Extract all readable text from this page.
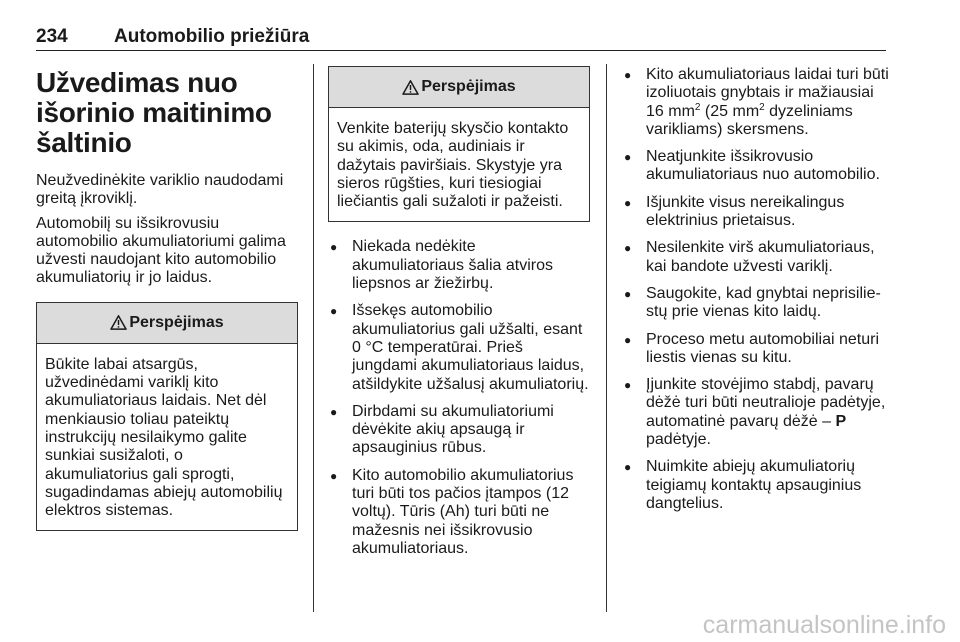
234 Automobilio priežiūra
Užvedimas nuo išorinio maitinimo šaltinio

Neužvedinėkite variklio naudodami greitą įkroviklį.

Automobilį su išsikrovusiu automobilio akumuliatoriumi galima užvesti naudojant kito automobilio akumuliatorių ir jo laidus.

Perspėjimas
Būkite labai atsargūs, užvedinėdami variklį kito akumuliatoriaus laidais. Net dėl menkiausio toliau pateiktų instrukcijų nesilaikymo galite sunkiai susižaloti, o akumuliatorius gali sprogti, sugadindamas abiejų automobilių elektros sistemas.
Perspėjimas
Venkite baterijų skysčio kontakto su akimis, oda, audiniais ir dažytais paviršiais. Skystyje yra sieros rūgšties, kuri tiesiogiai liečiantis gali sužaloti ir pažeisti.
● Niekada nedėkite akumuliatoriaus šalia atviros liepsnos ar žiežirbų.
● Išsekęs automobilio akumuliatorius gali užšalti, esant 0 °C temperatūrai. Prieš jungdami akumuliatoriaus laidus, atšildykite užšalusį akumuliatorių.
● Dirbdami su akumuliatoriumi dėvėkite akių apsaugą ir apsauginius rūbus.
● Kito automobilio akumuliatorius turi būti tos pačios įtampos (12 voltų). Tūris (Ah) turi būti ne mažesnis nei išsikrovusio akumuliatoriaus.
● Kito akumuliatoriaus laidai turi būti izoliuotais gnybtais ir mažiausiai 16 $mm^2$ (25 $mm^2$ dyzeliniams varikliams) skersmens.
● Neatjunkite išsikrovusio akumuliatoriaus nuo automobilio.
● Išjunkite visus nereikalingus elektrinius prietaisus.
● Nesilenkite virš akumuliatoriaus, kai bandote užvesti variklį.
● Saugokite, kad gnybtai neprisiliestų prie vienas kito laidų.
● Proceso metu automobiliai neturi liestis vienas su kitu.
● Įjunkite stovėjimo stabdį, pavarų dėžė turi būti neutralioje padėtyje, automatinė pavarų dėžė – P padėtyje.
● Nuimkite abiejų akumuliatorių teigiamų kontaktų apsauginius dangtelius.
carmanualsonline.info
